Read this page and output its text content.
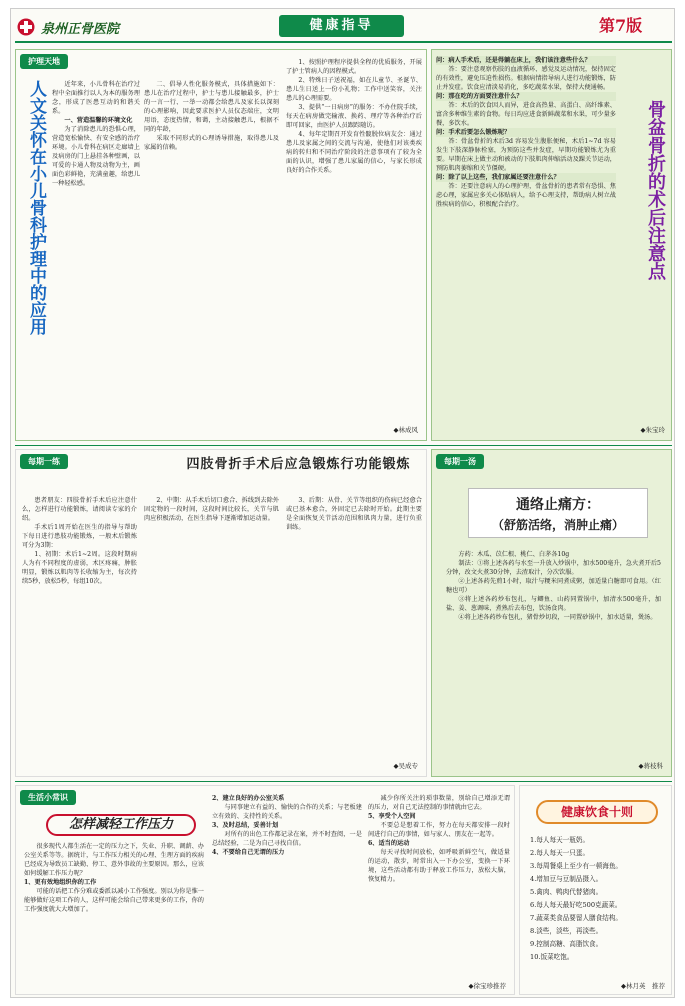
泉州正骨医院	健康指导	第7版
护理天地
人文关怀在小儿骨科护理中的应用	近年来，小儿骨科在治疗过程中全面推行以人为本的服务理念，形成了医患互动的和谐关系。

一、营造温馨的环境文化

为了消除患儿的恐惧心理，营造宽松愉快、有安全感的治疗环境。小儿骨科在病区走廊墙上及病房的门上悬挂各种壁画，以可爱的卡通人物及动物为主，画面色彩鲜艳，充满童趣，给患儿一种轻松感。

二、倡导人性化服务模式，具体措施如下：患儿在治疗过程中，护士与患儿接触最多，护士的一言一行、一举一动都会给患儿及家长以深刻的心理影响，因此要求医护人员仪态端庄，文明用语，态度热情，和蔼，主动接触患儿，根据不同的年龄，

采取不同形式的心理诱导措施，取得患儿及家属的信赖。

1、按照护理程序提供全程的优质服务，开展了护士管病人的因程模式。

2、特殊日子送祝福，如在儿童节、圣诞节、患儿生日送上一份小礼物；工作中送笑容，关注患儿的心理需要。

3、提供“一日病房”的服务：不办住院手续，每天在病房做完输液、换药、理疗等各种治疗后即可回家，由医护人员跟踪随访。

4、每年定期召开发育性髋脱位病友会：通过患儿及家属之间的交流与沟通，使他们对该类疾病的转归和不同治疗阶段的注意事项有了较为全面的认识，增强了患儿家属的信心，与家长形成良好的合作关系。

◆林成风
问：病人手术后，还是得躺在床上，我们该注意些什么？

答：要注意观察伤肢的血液循环、感觉及运动情况，保持固定的有效性，避免压迫性损伤。根据病情指导病人进行功能锻炼，防止并发症。饮食应清淡易消化，多吃蔬菜水果，保持大便通畅。

问：那在吃的方面要注意什么？

答：术后的饮食因人而异，进食高热量、高蛋白、高纤维素、富含多种维生素的食物。每日均应进食新鲜蔬菜和水果，可少量多餐，多饮水。

问：手术后要怎么锻炼呢？

答：骨盆骨折的术后3d 容易发生腹胀便秘，术后1~7d 容易发生下肢深静脉栓塞，为预防这些并发症，早期功能锻炼尤为重要。早期在床上做主动和被动的下肢肌肉伸缩活动及踝关节运动，预防肌肉萎缩和关节僵硬。

问：除了以上这些，我们家属还要注意什么？

答：还要注意病人的心理护理，骨盆骨折的患者常有恐惧、焦虑心理，家属应多关心体贴病人，给予心理支持，帮助病人树立战胜疾病的信心，积极配合治疗。	骨盆骨折的术后注意点
◆朱宝玲
每期一练	四肢骨折手术后应急锻炼行功能锻炼

患者朋友：四肢骨折手术后应注意什么，怎样进行功能锻炼，请阅读专家的介绍。

手术后1周开始在医生的指导与帮助下每日进行患肢功能锻炼，一般术后锻炼可分为3期：

1、初期：术后1~2周。这段时期病人为有不同程度的虚弱，术区疼痛，肿胀明显，锻炼以肌肉等长收缩为主，每次持续5秒，放松5秒，每组10次。

2、中期：从手术后切口愈合、拆线到去除外固定物的一段时间，这段时间比较长，关节与肌肉应积极活动，在医生指导下逐渐增加运动量。

3、后期：从骨、关节等组织的伤病已经愈合或已基本愈合，外固定已去除时开始。此期主要是全面恢复关节活动范围和肌肉力量，进行负重训练。

◆吴成专
每期一汤
通络止痛方：
（舒筋活络，消肿止痛）

方药：木瓜、苡仁根、桃仁、白茅各10g

制法：①将上述各药与水至一升放入炒锅中，加水500毫升，急火煮开后5分钟，改文火煮30分钟，去渣取汁，分次饮服。

②上述各药先煎1小时，取汁与粳米同煮成粥，加适量白糖即可食用。（红糖也可）

③将上述各药炒布包扎，与鲫鱼、山药同置锅中，加清水500毫升，加盐、姜、葱调味，煮熟后去布包，饮汤食肉。

④将上述各药炒布包扎，猪骨炒切段，一同置砂锅中，加水适量，煲汤。

◆蒋枝科
生活小常识
怎样减轻工作压力

很多现代人都生活在一定的压力之下，失业、升职、调薪、办公室关系等等。据统计，与工作压力相关的心理、生理方面的疾病已经成为导致员工缺勤、停工、意外事故的主要原因。那么，应该如何缓解工作压力呢？

1、更有效地组织你的工作

可能的话把工作分难或委派以减小工作强度。别以为你是惟一能够做好这项工作的人，这样可能会给自己带来更多的工作，你的工作强度就大大增加了。

2、建立良好的办公室关系

与同事建立有益的、愉快的合作的关系；与老板建立有效的、支持性的关系。

3、及时总结，妥善计划

对所有的出色工作都记录在案，并不时查阅，一是总结经验，二是为自己寻找自信。

4、不要给自己无谓的压力

减少你所关注的琐事数量，别给自己增添无谓的压力，对自己无法控制的事情就由它去。

5、享受个人空间

不要总是想着工作，努力在每天都安排一段时间进行自己的事情，如与家人、朋友在一起等。

6、适当的运动

每天寻找时间放松，如呼吸新鲜空气，做适量的运动，散步，时常出入一下办公室，变换一下环境，这些活动都有助于释放工作压力，放松大脑，恢复精力。

◆徐宝珍推荐
健康饮食十则
1.每人每天一瓶奶。
2.每人每天一只蛋。
3.每周餐桌上至少有一顿海鱼。
4.增加豆与豆制品摄入。
5.禽肉、鸭肉代替猪肉。
6.每人每天最好吃500克蔬菜。
7.蔬菜类食品要留人膳食结构。
8.淡些，淡些，再淡些。
9.控制高糖、高脂饮食。
10.饭菜吃饱。
◆林月英　推荐
